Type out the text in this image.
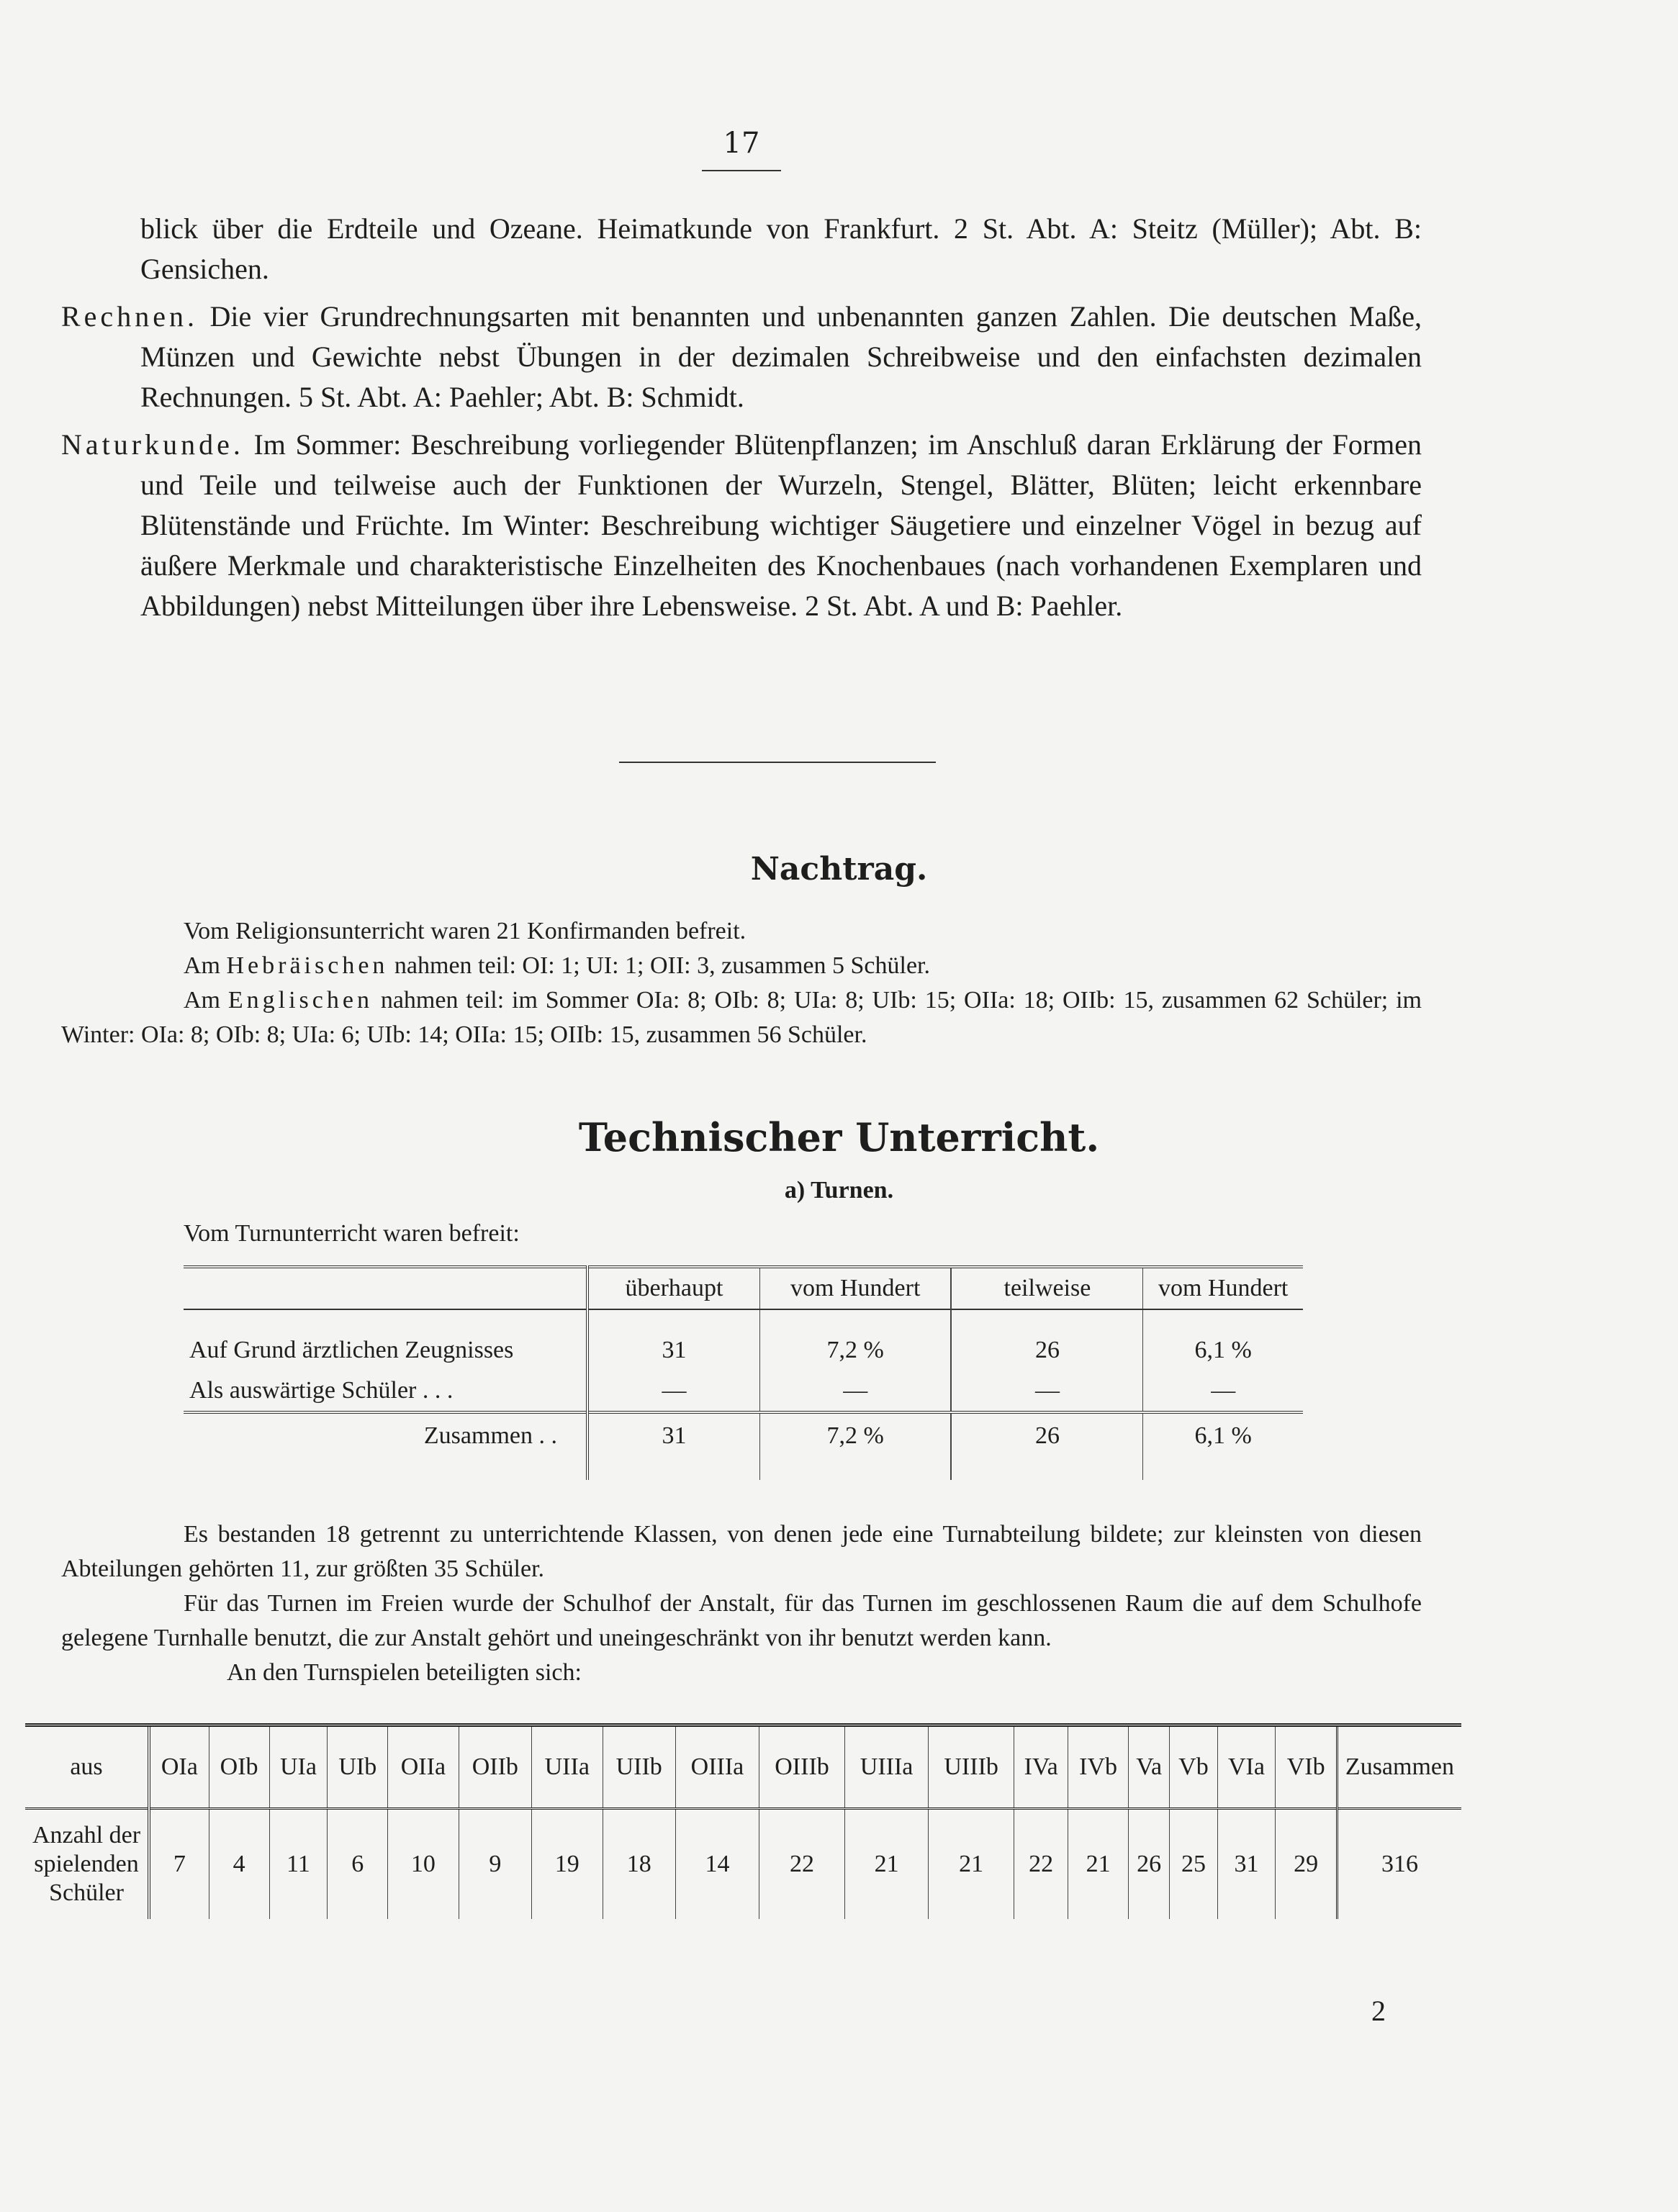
17

blick über die Erdteile und Ozeane. Heimatkunde von Frankfurt. 2 St. Abt. A: Steitz (Müller); Abt. B: Gensichen.

Rechnen. Die vier Grundrechnungsarten mit benannten und unbenannten ganzen Zahlen. Die deutschen Maße, Münzen und Gewichte nebst Übungen in der dezimalen Schreibweise und den einfachsten dezimalen Rechnungen. 5 St. Abt. A: Paehler; Abt. B: Schmidt.

Naturkunde. Im Sommer: Beschreibung vorliegender Blütenpflanzen; im Anschluß daran Erklärung der Formen und Teile und teilweise auch der Funktionen der Wurzeln, Stengel, Blätter, Blüten; leicht erkennbare Blütenstände und Früchte. Im Winter: Beschreibung wichtiger Säugetiere und einzelner Vögel in bezug auf äußere Merkmale und charakteristische Einzelheiten des Knochenbaues (nach vorhandenen Exemplaren und Abbildungen) nebst Mitteilungen über ihre Lebensweise. 2 St. Abt. A und B: Paehler.

Nachtrag.

Vom Religionsunterricht waren 21 Konfirmanden befreit.

Am Hebräischen nahmen teil: OI: 1; UI: 1; OII: 3, zusammen 5 Schüler.

Am Englischen nahmen teil: im Sommer OIa: 8; OIb: 8; UIa: 8; UIb: 15; OIIa: 18; OIIb: 15, zusammen 62 Schüler; im Winter: OIa: 8; OIb: 8; UIa: 6; UIb: 14; OIIa: 15; OIIb: 15, zusammen 56 Schüler.

Technischer Unterricht.
a) Turnen.
Vom Turnunterricht waren befreit:
	überhaupt	vom Hundert	teilweise	vom Hundert
Auf Grund ärztlichen Zeugnisses	31	7,2 %	26	6,1 %
Als auswärtige Schüler . . .	—	—	—	—
Zusammen . .	31	7,2 %	26	6,1 %

Es bestanden 18 getrennt zu unterrichtende Klassen, von denen jede eine Turnabteilung bildete; zur kleinsten von diesen Abteilungen gehörten 11, zur größten 35 Schüler.

Für das Turnen im Freien wurde der Schulhof der Anstalt, für das Turnen im geschlossenen Raum die auf dem Schulhofe gelegene Turnhalle benutzt, die zur Anstalt gehört und uneingeschränkt von ihr benutzt werden kann.

An den Turnspielen beteiligten sich:

aus	OIa	OIb	UIa	UIb	OIIa	OIIb	UIIa	UIIb	OIIIa	OIIIb	UIIIa	UIIIb	IVa	IVb	Va	Vb	VIa	VIb	Zusammen
Anzahl der spielenden Schüler	7	4	11	6	10	9	19	18	14	22	21	21	22	21	26	25	31	29	316
2
